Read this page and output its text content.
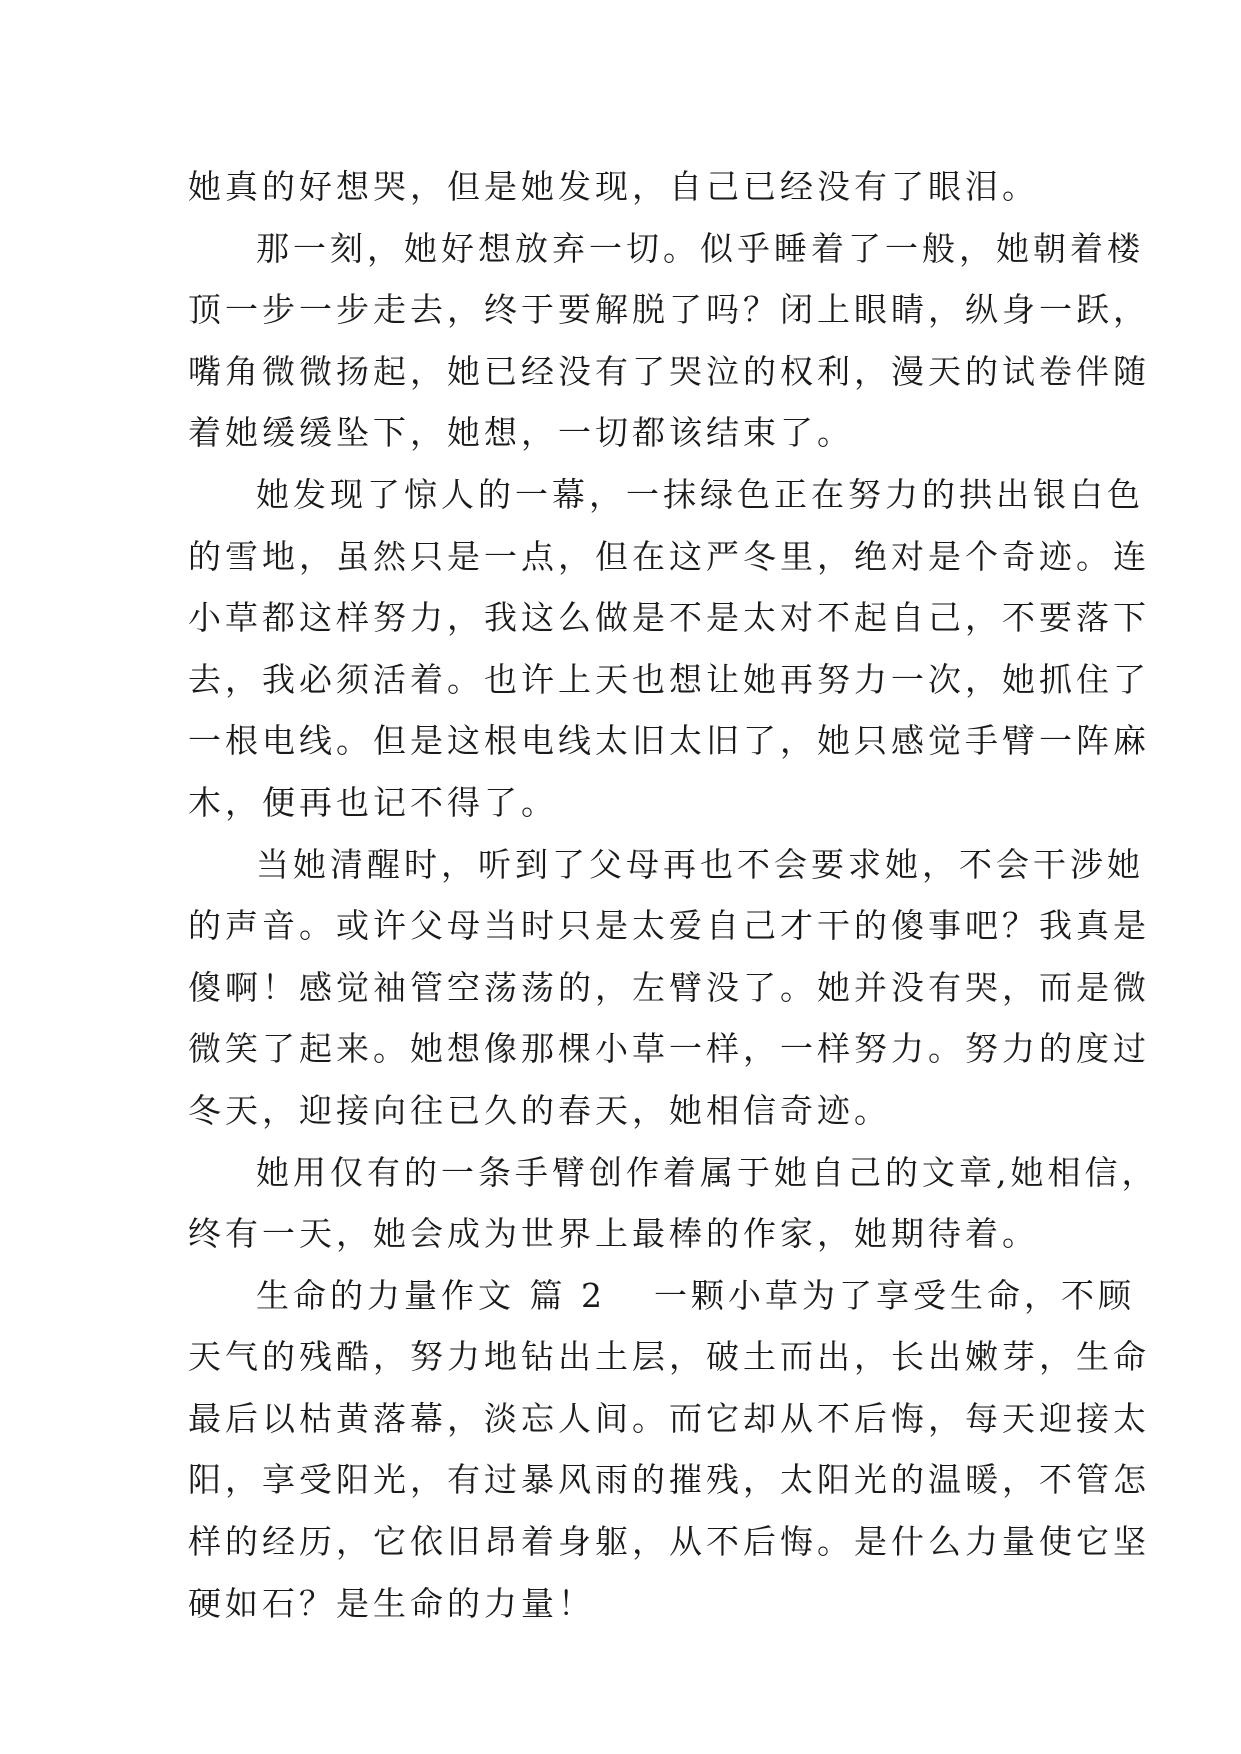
她真的好想哭，但是她发现，自己已经没有了眼泪。
那一刻，她好想放弃一切。似乎睡着了一般，她朝着楼
顶一步一步走去，终于要解脱了吗？闭上眼睛，纵身一跃，
嘴角微微扬起，她已经没有了哭泣的权利，漫天的试卷伴随
着她缓缓坠下，她想，一切都该结束了。
她发现了惊人的一幕，一抹绿色正在努力的拱出银白色
的雪地，虽然只是一点，但在这严冬里，绝对是个奇迹。连
小草都这样努力，我这么做是不是太对不起自己，不要落下
去，我必须活着。也许上天也想让她再努力一次，她抓住了
一根电线。但是这根电线太旧太旧了，她只感觉手臂一阵麻
木，便再也记不得了。
当她清醒时，听到了父母再也不会要求她，不会干涉她
的声音。或许父母当时只是太爱自己才干的傻事吧？我真是
傻啊！感觉袖管空荡荡的，左臂没了。她并没有哭，而是微
微笑了起来。她想像那棵小草一样，一样努力。努力的度过
冬天，迎接向往已久的春天，她相信奇迹。
她用仅有的一条手臂创作着属于她自己的文章,她相信，
终有一天，她会成为世界上最棒的作家，她期待着。
生命的力量作文 篇 2 一颗小草为了享受生命，不顾
天气的残酷，努力地钻出土层，破土而出，长出嫩芽，生命
最后以枯黄落幕，淡忘人间。而它却从不后悔，每天迎接太
阳，享受阳光，有过暴风雨的摧残，太阳光的温暖，不管怎
样的经历，它依旧昂着身躯，从不后悔。是什么力量使它坚
硬如石？是生命的力量！
